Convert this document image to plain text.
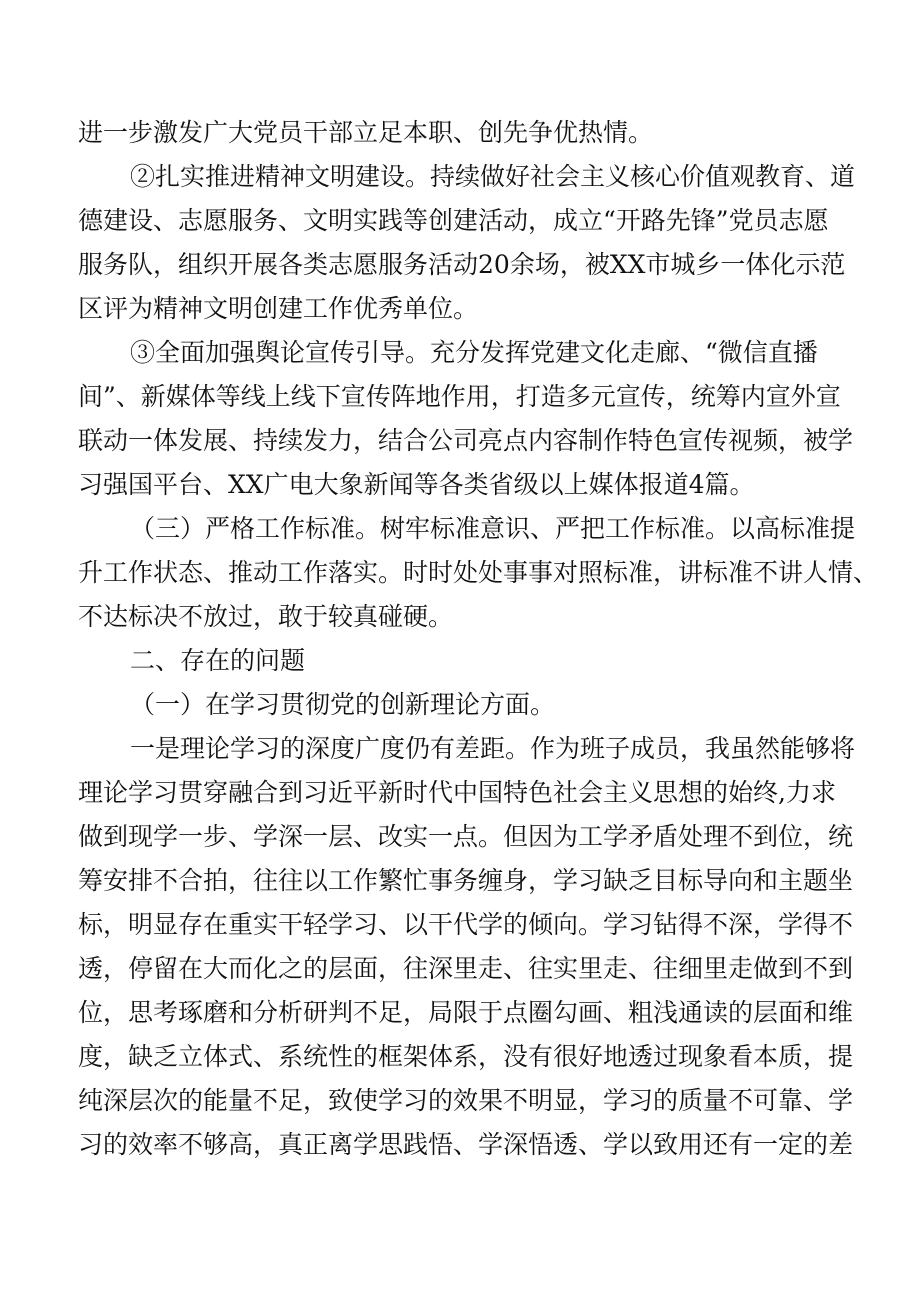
进一步激发广大党员干部立足本职、创先争优热情。
②扎实推进精神文明建设。持续做好社会主义核心价值观教育、道
德建设、志愿服务、文明实践等创建活动，成立“开路先锋”党员志愿
服务队，组织开展各类志愿服务活动20余场，被XX市城乡一体化示范
区评为精神文明创建工作优秀单位。
③全面加强舆论宣传引导。充分发挥党建文化走廊、“微信直播
间”、新媒体等线上线下宣传阵地作用，打造多元宣传，统筹内宣外宣
联动一体发展、持续发力，结合公司亮点内容制作特色宣传视频，被学
习强国平台、XX广电大象新闻等各类省级以上媒体报道4篇。
（三）严格工作标准。树牢标准意识、严把工作标准。以高标准提
升工作状态、推动工作落实。时时处处事事对照标准，讲标准不讲人情、
不达标决不放过，敢于较真碰硬。
二、存在的问题
（一）在学习贯彻党的创新理论方面。
一是理论学习的深度广度仍有差距。作为班子成员，我虽然能够将
理论学习贯穿融合到习近平新时代中国特色社会主义思想的始终,力求
做到现学一步、学深一层、改实一点。但因为工学矛盾处理不到位，统
筹安排不合拍，往往以工作繁忙事务缠身，学习缺乏目标导向和主题坐
标，明显存在重实干轻学习、以干代学的倾向。学习钻得不深，学得不
透，停留在大而化之的层面，往深里走、往实里走、往细里走做到不到
位，思考琢磨和分析研判不足，局限于点圈勾画、粗浅通读的层面和维
度，缺乏立体式、系统性的框架体系，没有很好地透过现象看本质，提
纯深层次的能量不足，致使学习的效果不明显，学习的质量不可靠、学
习的效率不够高，真正离学思践悟、学深悟透、学以致用还有一定的差
